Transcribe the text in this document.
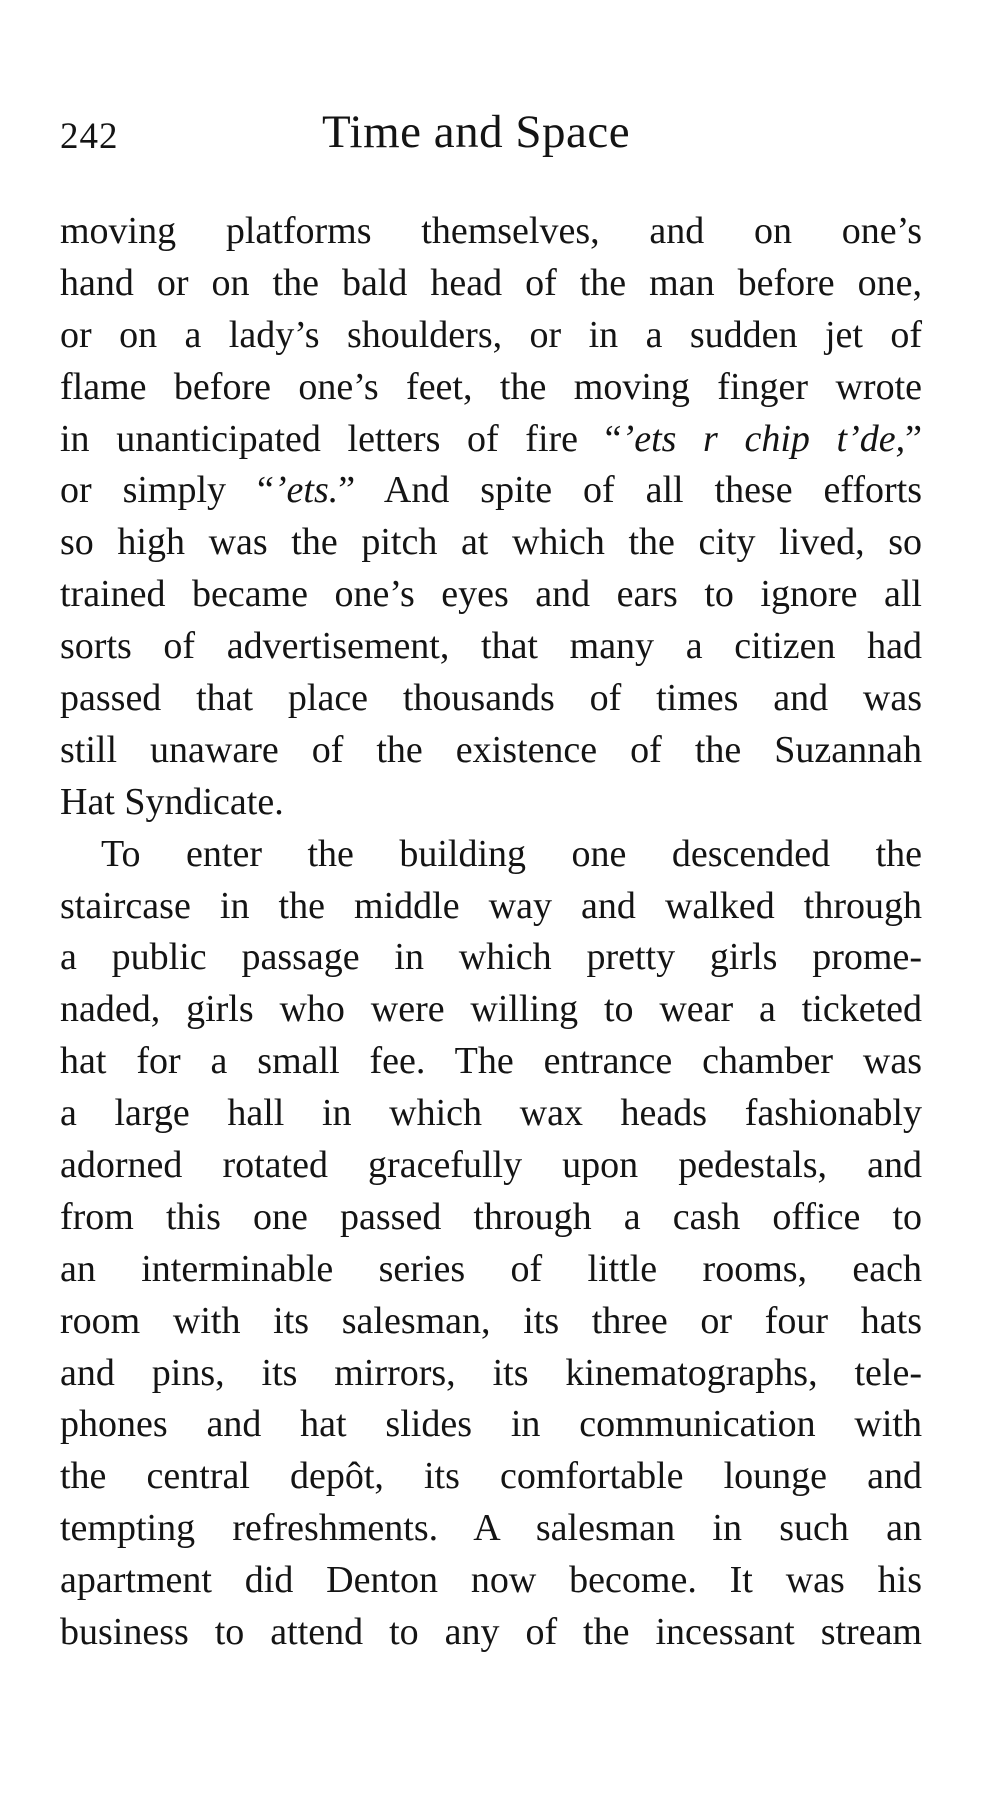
242	Time and Space
moving platforms themselves, and on one’s
hand or on the bald head of the man before one,
or on a lady’s shoulders, or in a sudden jet of
flame before one’s feet, the moving finger wrote
in unanticipated letters of fire “ʼets r chip t’de,”
or simply “ʼets.” And spite of all these efforts
so high was the pitch at which the city lived, so
trained became one’s eyes and ears to ignore all
sorts of advertisement, that many a citizen had
passed that place thousands of times and was
still unaware of the existence of the Suzannah
Hat Syndicate.
To enter the building one descended the
staircase in the middle way and walked through
a public passage in which pretty girls prome-
naded, girls who were willing to wear a ticketed
hat for a small fee. The entrance chamber was
a large hall in which wax heads fashionably
adorned rotated gracefully upon pedestals, and
from this one passed through a cash office to
an interminable series of little rooms, each
room with its salesman, its three or four hats
and pins, its mirrors, its kinematographs, tele-
phones and hat slides in communication with
the central depôt, its comfortable lounge and
tempting refreshments. A salesman in such an
apartment did Denton now become. It was his
business to attend to any of the incessant stream
